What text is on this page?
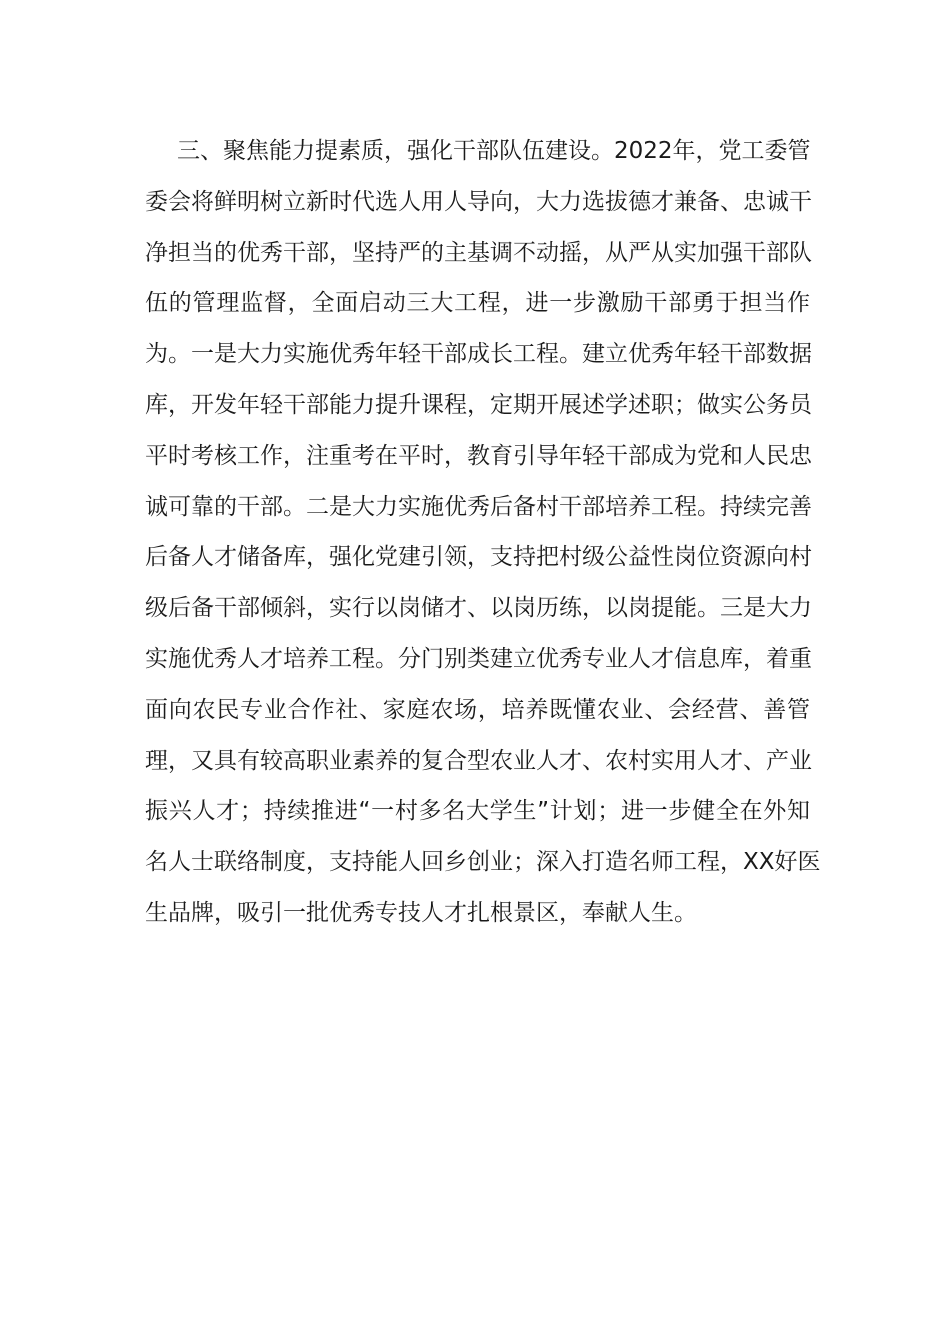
三、聚焦能力提素质，强化干部队伍建设。2022年，党工委管
委会将鲜明树立新时代选人用人导向，大力选拔德才兼备、忠诚干
净担当的优秀干部，坚持严的主基调不动摇，从严从实加强干部队
伍的管理监督，全面启动三大工程，进一步激励干部勇于担当作
为。一是大力实施优秀年轻干部成长工程。建立优秀年轻干部数据
库，开发年轻干部能力提升课程，定期开展述学述职；做实公务员
平时考核工作，注重考在平时，教育引导年轻干部成为党和人民忠
诚可靠的干部。二是大力实施优秀后备村干部培养工程。持续完善
后备人才储备库，强化党建引领，支持把村级公益性岗位资源向村
级后备干部倾斜，实行以岗储才、以岗历练，以岗提能。三是大力
实施优秀人才培养工程。分门别类建立优秀专业人才信息库，着重
面向农民专业合作社、家庭农场，培养既懂农业、会经营、善管
理，又具有较高职业素养的复合型农业人才、农村实用人才、产业
振兴人才；持续推进“一村多名大学生”计划；进一步健全在外知
名人士联络制度，支持能人回乡创业；深入打造名师工程，XX好医
生品牌，吸引一批优秀专技人才扎根景区，奉献人生。
